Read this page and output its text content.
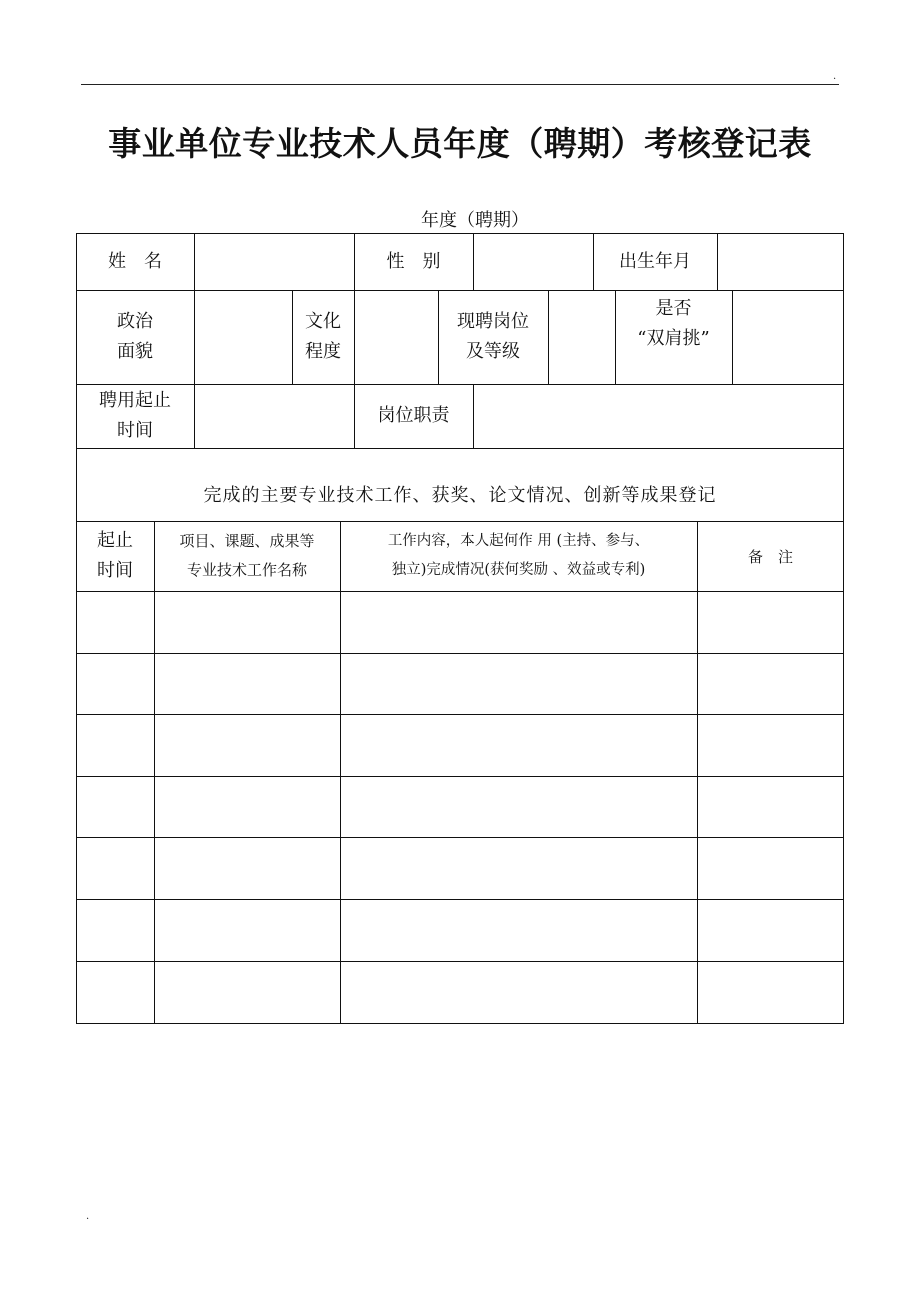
.
.
事业单位专业技术人员年度（聘期）考核登记表
年度（聘期）
姓　名	性　别	出生年月
政治
面貌
文化
程度
现聘岗位
及等级
是否
“双肩挑”
聘用起止
时间
岗位职责
完成的主要专业技术工作、获奖、论文情况、创新等成果登记
起止
时间
项目、课题、成果等
专业技术工作名称
工作内容，本人起何作 用 (主持、参与、
独立)完成情况(获何奖励 、效益或专利)
备　注
